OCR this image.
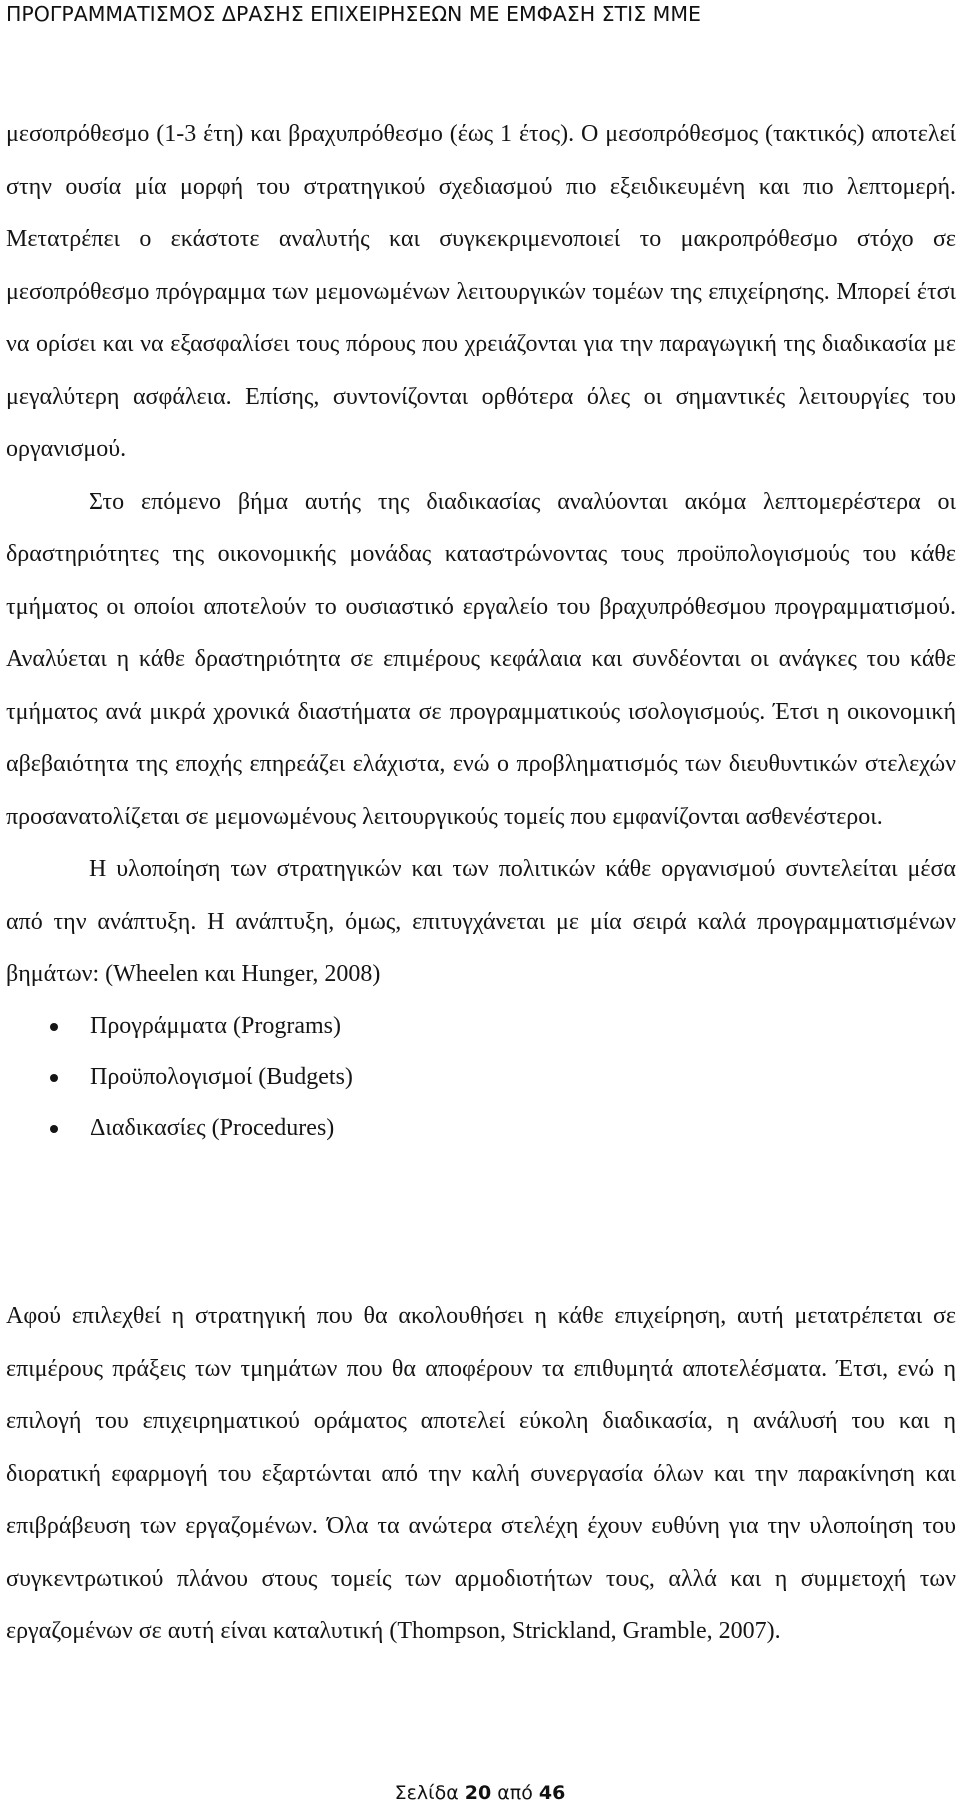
ΠΡΟΓΡΑΜΜΑΤΙΣΜΟΣ ΔΡΑΣΗΣ ΕΠΙΧΕΙΡΗΣΕΩΝ ΜΕ ΕΜΦΑΣΗ ΣΤΙΣ ΜΜΕ

μεσοπρόθεσμο (1-3 έτη) και βραχυπρόθεσμο (έως 1 έτος). Ο μεσοπρόθεσμος (τακτικός) αποτελεί στην ουσία μία μορφή του στρατηγικού σχεδιασμού πιο εξειδικευμένη και πιο λεπτομερή. Μετατρέπει ο εκάστοτε αναλυτής και συγκεκριμενοποιεί το μακροπρόθεσμο στόχο σε μεσοπρόθεσμο πρόγραμμα των μεμονωμένων λειτουργικών τομέων της επιχείρησης. Μπορεί έτσι να ορίσει και να εξασφαλίσει τους πόρους που χρειάζονται για την παραγωγική της διαδικασία με μεγαλύτερη ασφάλεια. Επίσης, συντονίζονται ορθότερα όλες οι σημαντικές λειτουργίες του οργανισμού.

Στο επόμενο βήμα αυτής της διαδικασίας αναλύονται ακόμα λεπτομερέστερα οι δραστηριότητες της οικονομικής μονάδας καταστρώνοντας τους προϋπολογισμούς του κάθε τμήματος οι οποίοι αποτελούν το ουσιαστικό εργαλείο του βραχυπρόθεσμου προγραμματισμού. Αναλύεται η κάθε δραστηριότητα σε επιμέρους κεφάλαια και συνδέονται οι ανάγκες του κάθε τμήματος ανά μικρά χρονικά διαστήματα σε προγραμματικούς ισολογισμούς. Έτσι η οικονομική αβεβαιότητα της εποχής επηρεάζει ελάχιστα, ενώ ο προβληματισμός των διευθυντικών στελεχών προσανατολίζεται σε μεμονωμένους λειτουργικούς τομείς που εμφανίζονται ασθενέστεροι.

Η υλοποίηση των στρατηγικών και των πολιτικών κάθε οργανισμού συντελείται μέσα από την ανάπτυξη. Η ανάπτυξη, όμως, επιτυγχάνεται με μία σειρά καλά προγραμματισμένων βημάτων: (Wheelen και Hunger, 2008)

Προγράμματα (Programs)
Προϋπολογισμοί (Budgets)
Διαδικασίες (Procedures)

Αφού επιλεχθεί η στρατηγική που θα ακολουθήσει η κάθε επιχείρηση, αυτή μετατρέπεται σε επιμέρους πράξεις των τμημάτων που θα αποφέρουν τα επιθυμητά αποτελέσματα. Έτσι, ενώ η επιλογή του επιχειρηματικού οράματος αποτελεί εύκολη διαδικασία, η ανάλυσή του και η διορατική εφαρμογή του εξαρτώνται από την καλή συνεργασία όλων και την παρακίνηση και επιβράβευση των εργαζομένων. Όλα τα ανώτερα στελέχη έχουν ευθύνη για την υλοποίηση του συγκεντρωτικού πλάνου στους τομείς των αρμοδιοτήτων τους, αλλά και η συμμετοχή των εργαζομένων σε αυτή είναι καταλυτική (Thompson, Strickland, Gramble, 2007).

Σελίδα 20 από 46
